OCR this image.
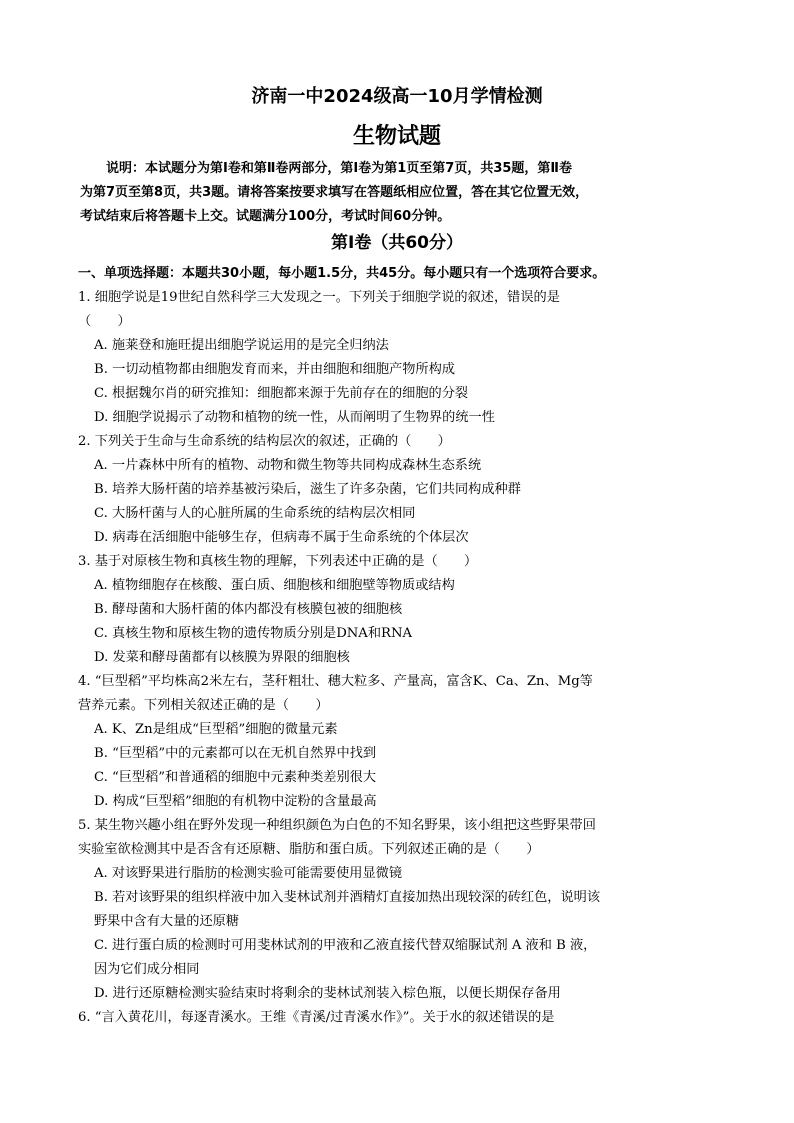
济南一中2024级高一10月学情检测
生物试题
说明：本试题分为第Ⅰ卷和第Ⅱ卷两部分，第Ⅰ卷为第1页至第7页，共35题，第Ⅱ卷
为第7页至第8页，共3题。请将答案按要求填写在答题纸相应位置，答在其它位置无效，
考试结束后将答题卡上交。试题满分100分，考试时间60分钟。
第Ⅰ卷（共60分）
一、单项选择题：本题共30小题，每小题1.5分，共45分。每小题只有一个选项符合要求。
1. 细胞学说是19世纪自然科学三大发现之一。下列关于细胞学说的叙述，错误的是
（　　）
A. 施莱登和施旺提出细胞学说运用的是完全归纳法
B. 一切动植物都由细胞发育而来，并由细胞和细胞产物所构成
C. 根据魏尔肖的研究推知：细胞都来源于先前存在的细胞的分裂
D. 细胞学说揭示了动物和植物的统一性，从而阐明了生物界的统一性
2. 下列关于生命与生命系统的结构层次的叙述，正确的（　　）
A. 一片森林中所有的植物、动物和微生物等共同构成森林生态系统
B. 培养大肠杆菌的培养基被污染后，滋生了许多杂菌，它们共同构成种群
C. 大肠杆菌与人的心脏所属的生命系统的结构层次相同
D. 病毒在活细胞中能够生存，但病毒不属于生命系统的个体层次
3. 基于对原核生物和真核生物的理解，下列表述中正确的是（　　）
A. 植物细胞存在核酸、蛋白质、细胞核和细胞壁等物质或结构
B. 酵母菌和大肠杆菌的体内都没有核膜包被的细胞核
C. 真核生物和原核生物的遗传物质分别是DNA和RNA
D. 发菜和酵母菌都有以核膜为界限的细胞核
4. “巨型稻”平均株高2米左右，茎秆粗壮、穗大粒多、产量高，富含K、Ca、Zn、Mg等
营养元素。下列相关叙述正确的是（　　）
A. K、Zn是组成“巨型稻”细胞的微量元素
B. “巨型稻”中的元素都可以在无机自然界中找到
C. “巨型稻”和普通稻的细胞中元素种类差别很大
D. 构成“巨型稻”细胞的有机物中淀粉的含量最高
5. 某生物兴趣小组在野外发现一种组织颜色为白色的不知名野果，该小组把这些野果带回
实验室欲检测其中是否含有还原糖、脂肪和蛋白质。下列叙述正确的是（　　）
A. 对该野果进行脂肪的检测实验可能需要使用显微镜
B. 若对该野果的组织样液中加入斐林试剂并酒精灯直接加热出现较深的砖红色，说明该
野果中含有大量的还原糖
C. 进行蛋白质的检测时可用斐林试剂的甲液和乙液直接代替双缩脲试剂 A 液和 B 液，
因为它们成分相同
D. 进行还原糖检测实验结束时将剩余的斐林试剂装入棕色瓶，以便长期保存备用
6. “言入黄花川，每逐青溪水。王维《青溪/过青溪水作》”。关于水的叙述错误的是
